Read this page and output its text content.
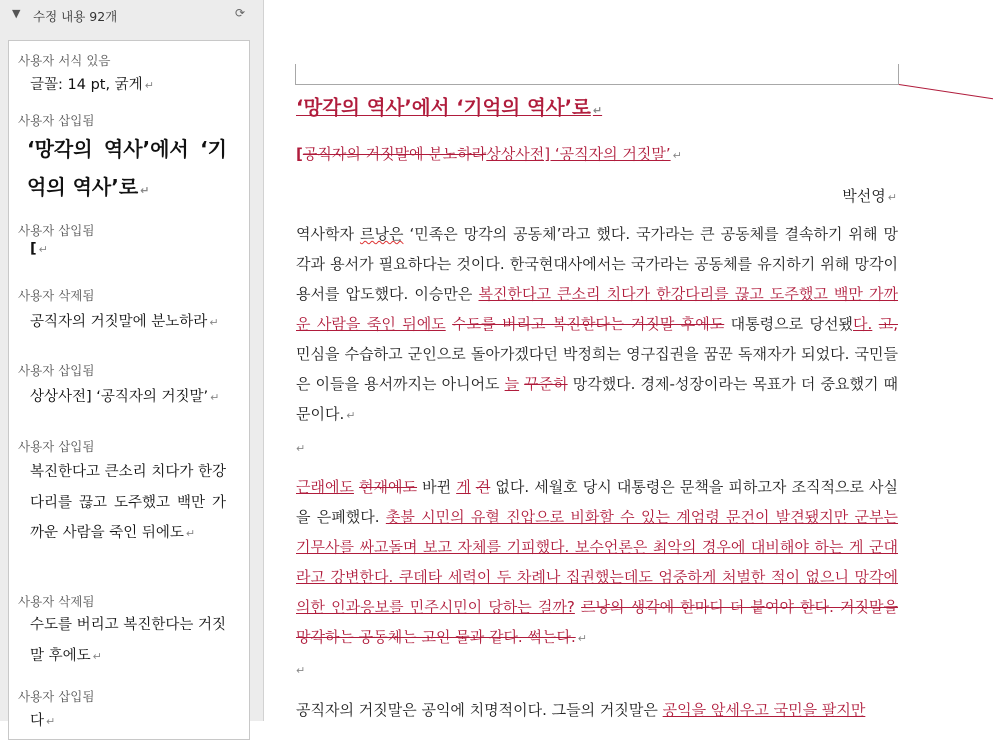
▼ 수정 내용 92개	⟳
사용자 서식 있음
글꼴: 14 pt, 굵게 ↵
사용자 삽입됨
‘망각의 역사’에서 ‘기억의 역사’로 ↵
사용자 삽입됨
[ ↵
사용자 삭제됨
공직자의 거짓말에 분노하라 ↵
사용자 삽입됨
상상사전] ‘공직자의 거짓말’ ↵
사용자 삽입됨
복진한다고 큰소리 치다가 한강다리를 끊고 도주했고 백만 가까운 사람을 죽인 뒤에도 ↵
사용자 삭제됨
수도를 버리고 복진한다는 거짓말 후에도 ↵
사용자 삽입됨
다 ↵
‘망각의 역사’에서 ‘기억의 역사’로 ↵
[공직자의 거짓말에 분노하라상상사전] ‘공직자의 거짓말’ ↵
박선영 ↵
역사학자 르낭은 ‘민족은 망각의 공동체’라고 했다. 국가라는 큰 공동체를 결속하기 위해 망각과 용서가 필요하다는 것이다. 한국현대사에서는 국가라는 공동체를 유지하기 위해 망각이 용서를 압도했다. 이승만은 복진한다고 큰소리 치다가 한강다리를 끊고 도주했고 백만 가까운 사람을 죽인 뒤에도 수도를 버리고 복진한다는 거짓말 후에도 대통령으로 당선됐다. 고, 민심을 수습하고 군인으로 돌아가겠다던 박정희는 영구집권을 꿈꾼 독재자가 되었다. 국민들은 이들을 용서까지는 아니어도 늘 꾸준히 망각했다. 경제-성장이라는 목표가 더 중요했기 때문이다. ↵
↵
근래에도 현재에도 바뀐 게 건 없다. 세월호 당시 대통령은 문책을 피하고자 조직적으로 사실을 은폐했다. 촛불 시민의 유혈 진압으로 비화할 수 있는 계엄령 문건이 발견됐지만 군부는 기무사를 싸고돌며 보고 자체를 기피했다. 보수언론은 최악의 경우에 대비해야 하는 게 군대라고 강변한다. 쿠데타 세력이 두 차례나 집권했는데도 엄중하게 처벌한 적이 없으니 망각에 의한 인과응보를 민주시민이 당하는 걸까? 르낭의 생각에 한마디 더 붙여야 한다. 거짓말을 망각하는 공동체는 고인 물과 같다. 썩는다. ↵
↵
공직자의 거짓말은 공익에 치명적이다. 그들의 거짓말은 공익을 앞세우고 국민을 팔지만
